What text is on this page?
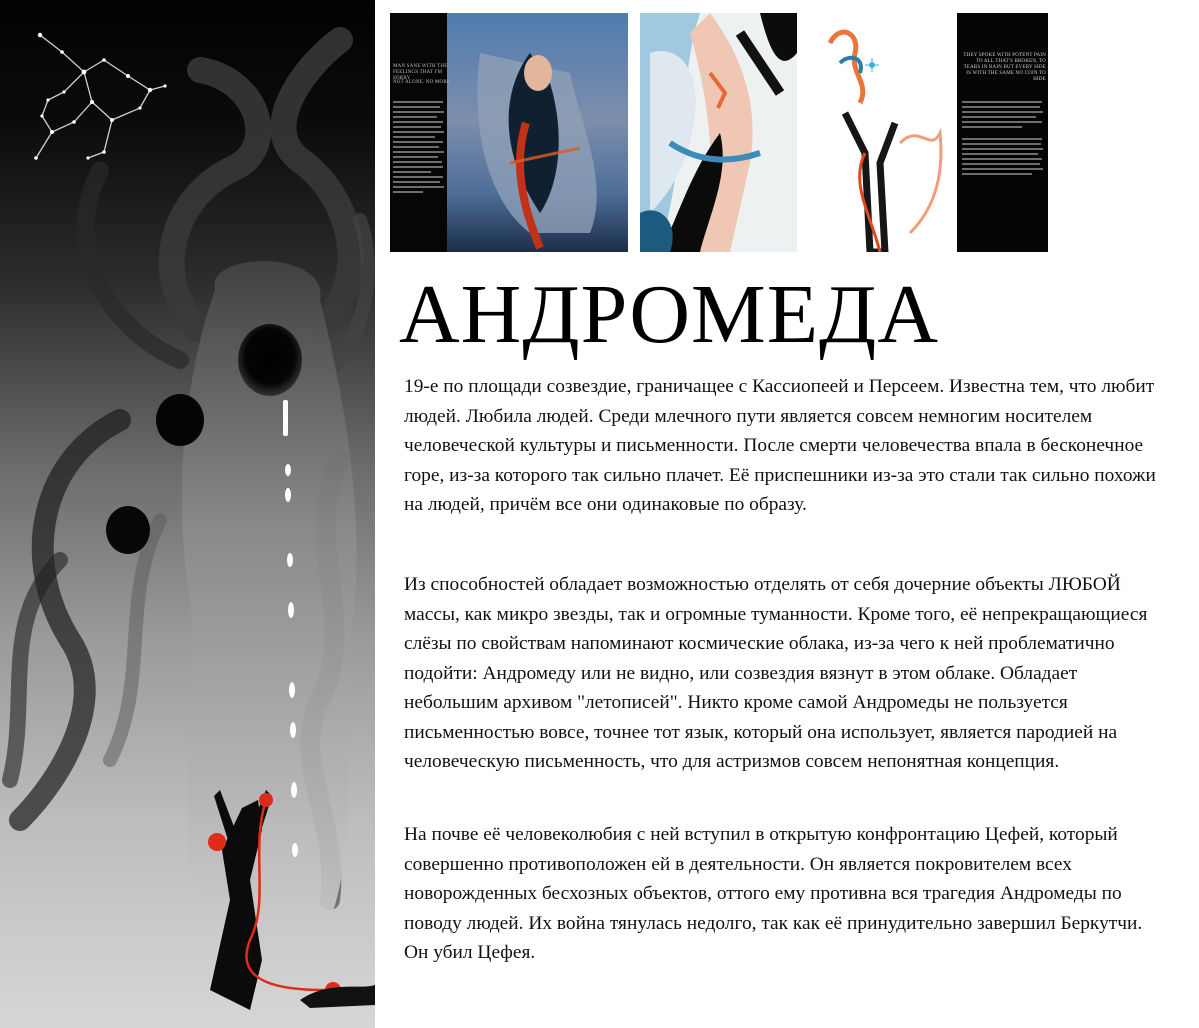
MAN SANE WITH THE FEELINGS THAT I'M SORRY
NOT ALONE. NO MORE
THEY SPOKE WITH POTENT PAIN TO ALL THAT'S BROKEN, TO TEARS IN RAIN BUT EVERY SIDE IS WITH THE SAME NO COIN TO HIDE
АНДРОМЕДА

19-е по площади созвездие, граничащее с Кассиопеей и Персеем. Известна тем, что любит людей. Любила людей. Среди млечного пути является совсем немногим носителем человеческой культуры и письменности. После смерти человечества впала в бесконечное горе, из-за которого так сильно плачет. Её приспешники из-за это стали так сильно похожи на людей, причём все они одинаковые по образу.

Из способностей обладает возможностью отделять от себя дочерние объекты ЛЮБОЙ массы, как микро звезды, так и огромные туманности. Кроме того, её непрекращающиеся слёзы по свойствам напоминают космические облака, из-за чего к ней проблематично подойти: Андромеду или не видно, или созвездия вязнут в этом облаке. Обладает небольшим архивом "летописей". Никто кроме самой Андромеды не пользуется письменностью вовсе, точнее тот язык, который она использует, является пародией на человеческую письменность, что для астризмов совсем непонятная концепция.

На почве её человеколюбия с ней вступил в открытую конфронтацию Цефей, который совершенно противоположен ей в деятельности. Он является покровителем всех новорожденных бесхозных объектов, оттого ему противна вся трагедия Андромеды по поводу людей. Их война тянулась недолго, так как её принудительно завершил Беркутчи. Он убил Цефея.
